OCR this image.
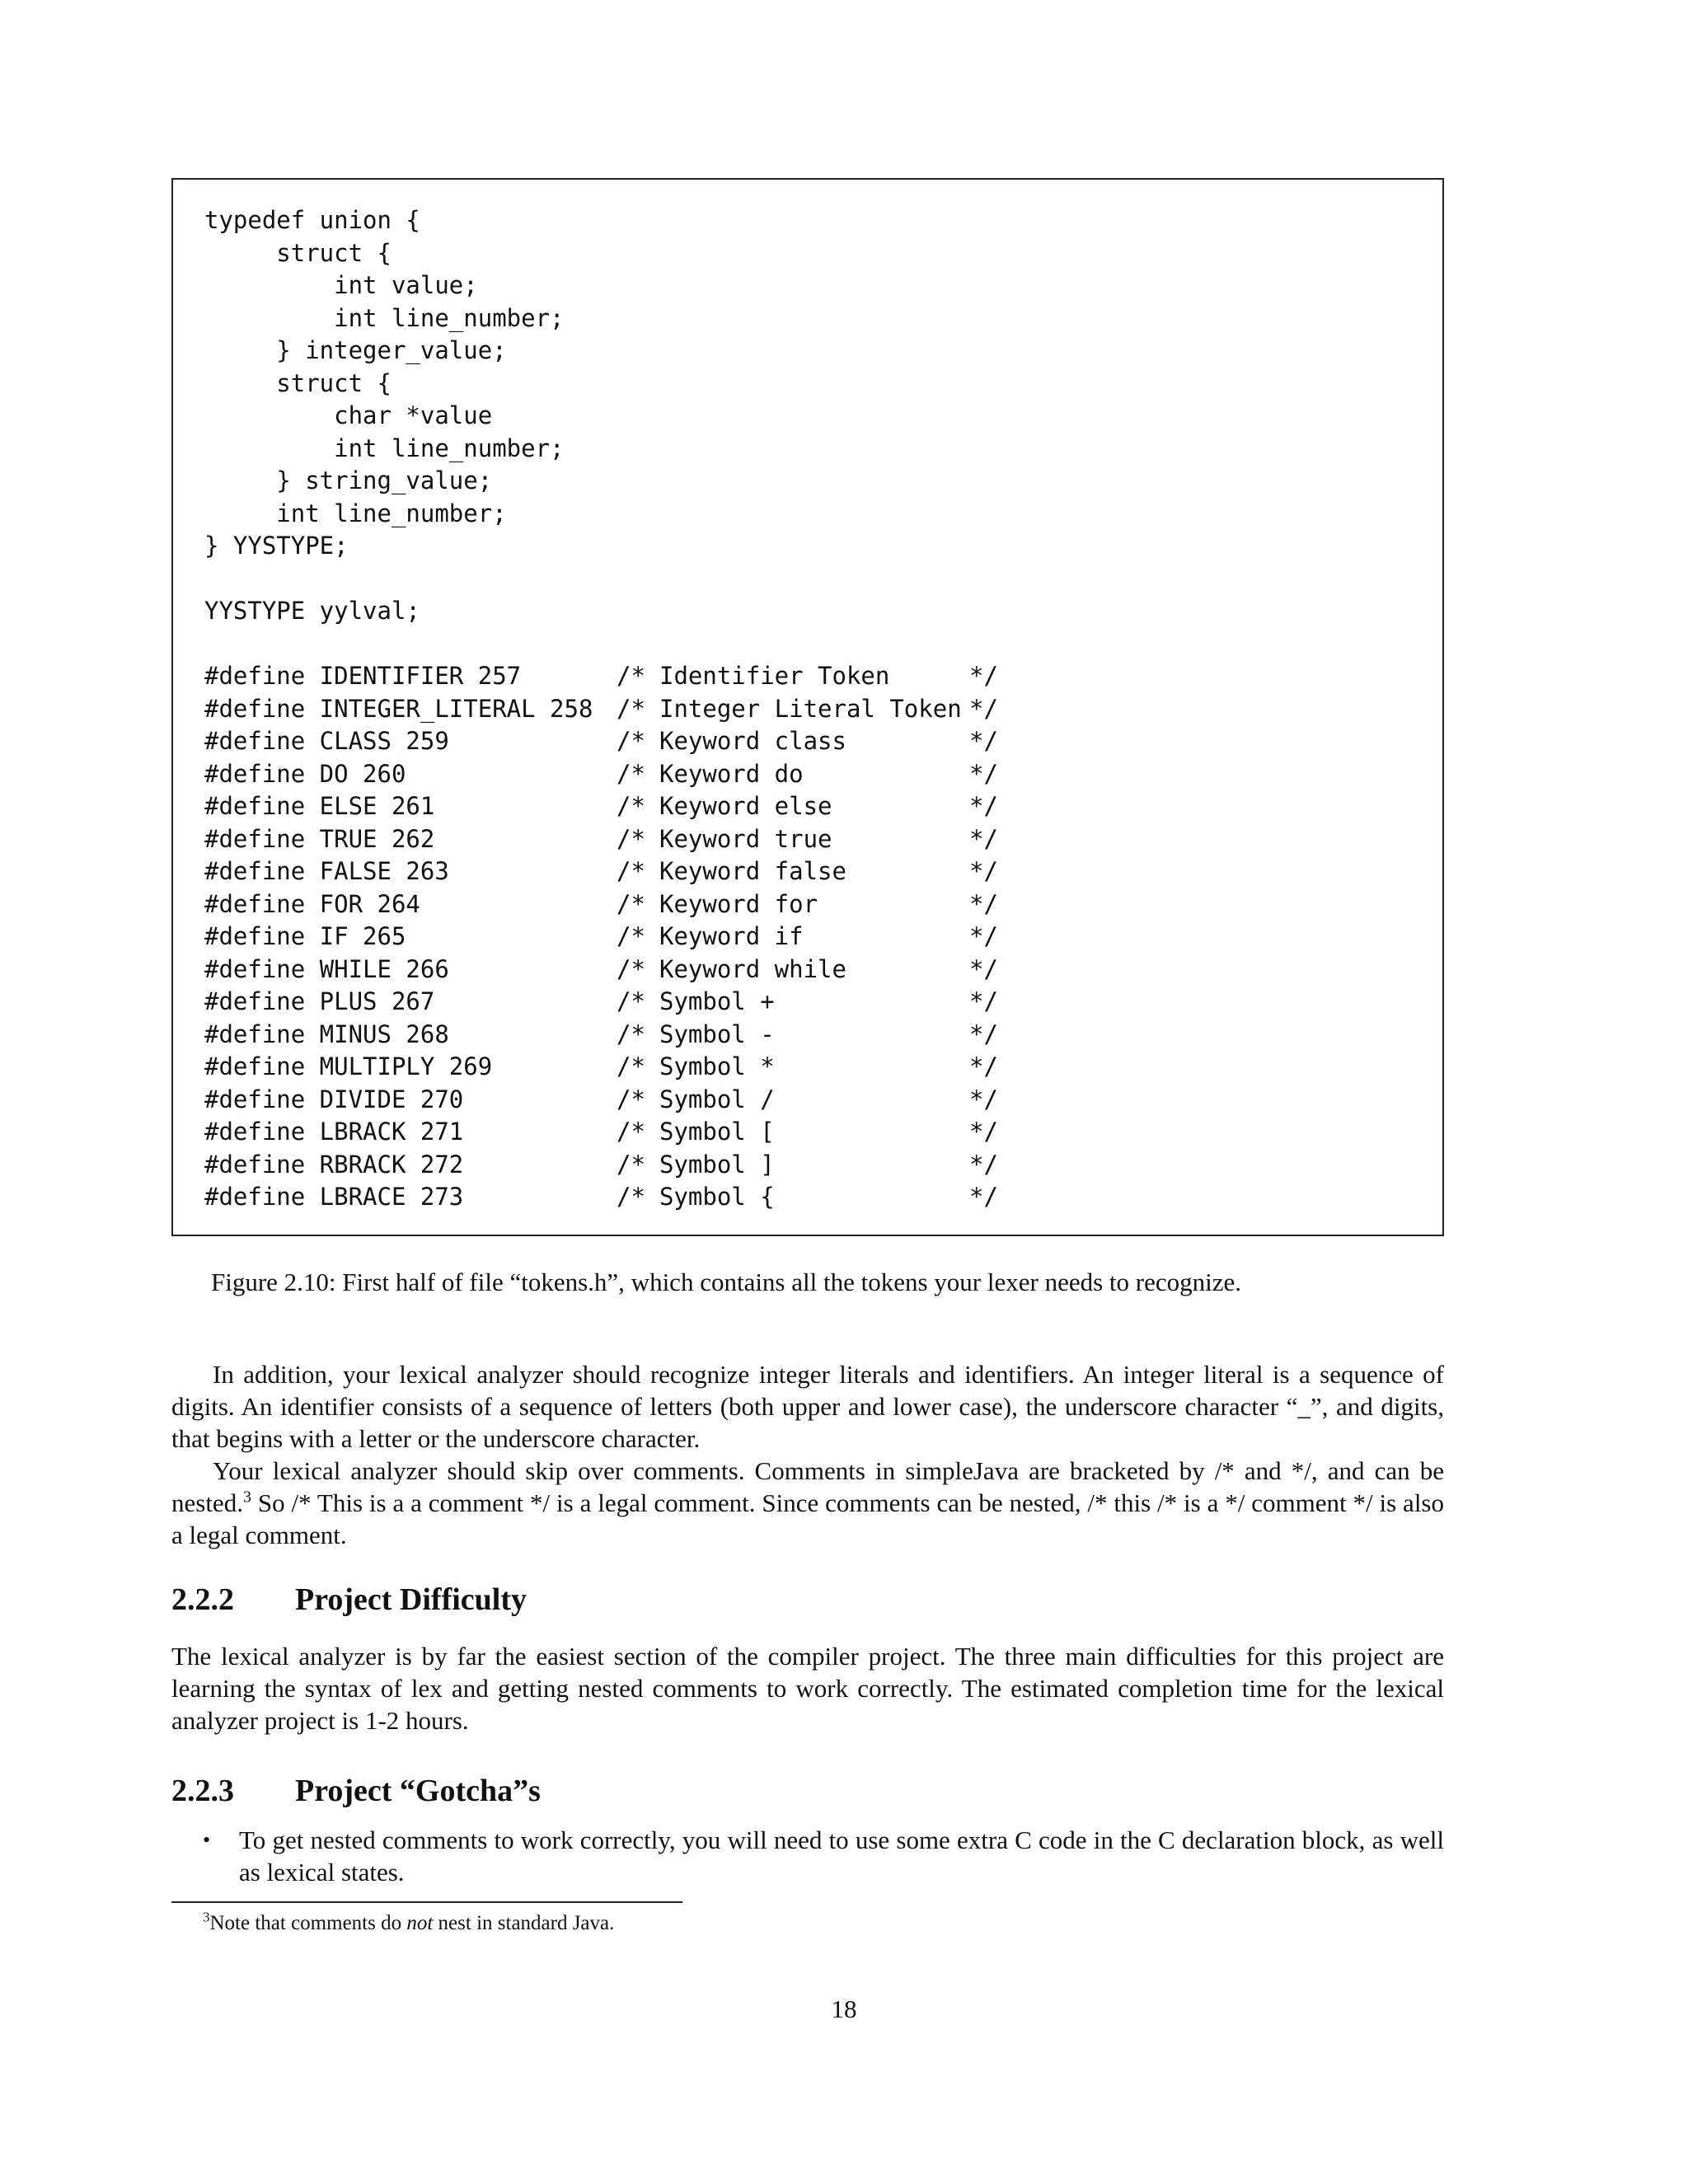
typedef union {
struct {
int value;
int line_number;
} integer_value;
struct {
char *value
int line_number;
} string_value;
int line_number;
} YYSTYPE;
YYSTYPE yylval;
#define IDENTIFIER 257	/* Identifier Token	*/
#define INTEGER_LITERAL 258 /* Integer Literal Token */
#define CLASS 259	/* Keyword class	*/
#define DO 260	/* Keyword do	*/
#define ELSE 261	/* Keyword else	*/
#define TRUE 262	/* Keyword true	*/
#define FALSE 263	/* Keyword false	*/
#define FOR 264	/* Keyword for	*/
#define IF 265	/* Keyword if	*/
#define WHILE 266	/* Keyword while	*/
#define PLUS 267	/* Symbol +	*/
#define MINUS 268	/* Symbol -	*/
#define MULTIPLY 269	/* Symbol *	*/
#define DIVIDE 270	/* Symbol /	*/
#define LBRACK 271	/* Symbol [	*/
#define RBRACK 272	/* Symbol ]	*/
#define LBRACE 273	/* Symbol {	*/
Figure 2.10: First half of file “tokens.h”, which contains all the tokens your lexer needs to recognize.

In addition, your lexical analyzer should recognize integer literals and identifiers. An integer literal is a sequence of digits. An identifier consists of a sequence of letters (both upper and lower case), the underscore character “_”, and digits, that begins with a letter or the underscore character.

Your lexical analyzer should skip over comments. Comments in simpleJava are bracketed by /* and */, and can be nested.$^3$ So /* This is a a comment */ is a legal comment. Since comments can be nested, /* this /* is a */ comment */ is also a legal comment.

2.2.2 Project Difficulty

The lexical analyzer is by far the easiest section of the compiler project. The three main difficulties for this project are learning the syntax of lex and getting nested comments to work correctly. The estimated completion time for the lexical analyzer project is 1-2 hours.

2.2.3 Project “Gotcha”s
• To get nested comments to work correctly, you will need to use some extra C code in the C declaration block, as well as lexical states.
$^3$Note that comments do not nest in standard Java.
18
